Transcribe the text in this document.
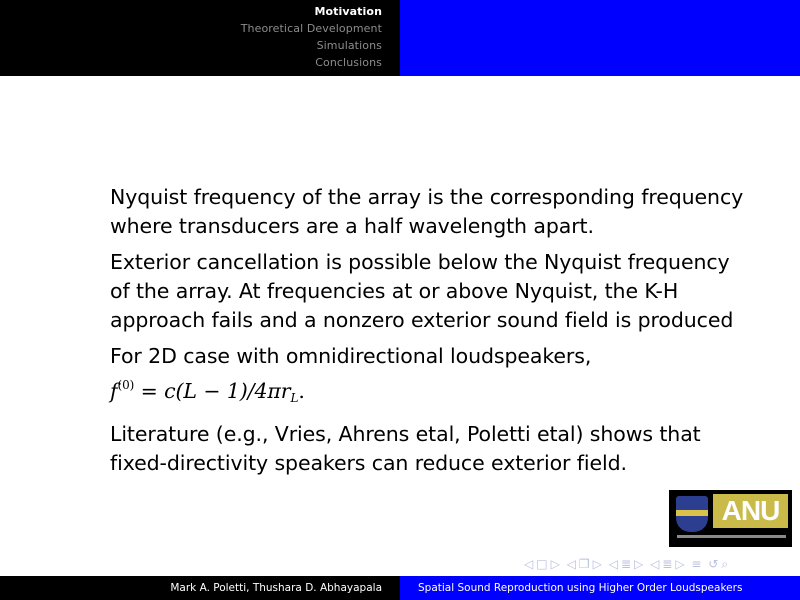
Motivation
Theoretical Development
Simulations
Conclusions

Nyquist frequency of the array is the corresponding frequency where transducers are a half wavelength apart.

Exterior cancellation is possible below the Nyquist frequency of the array. At frequencies at or above Nyquist, the K-H approach fails and a nonzero exterior sound field is produced

For 2D case with omnidirectional loudspeakers,
$f^{(0)} = c(L - 1)/4\pi r_L$.

Literature (e.g., Vries, Ahrens etal, Poletti etal) shows that fixed-directivity speakers can reduce exterior field.

ANU
◁ □ ▷ ◁ ❐ ▷ ◁ ≣ ▷ ◁ ≣ ▷ ≡ ↺ ⌕
Mark A. Poletti, Thushara D. Abhayapala	Spatial Sound Reproduction using Higher Order Loudspeakers
